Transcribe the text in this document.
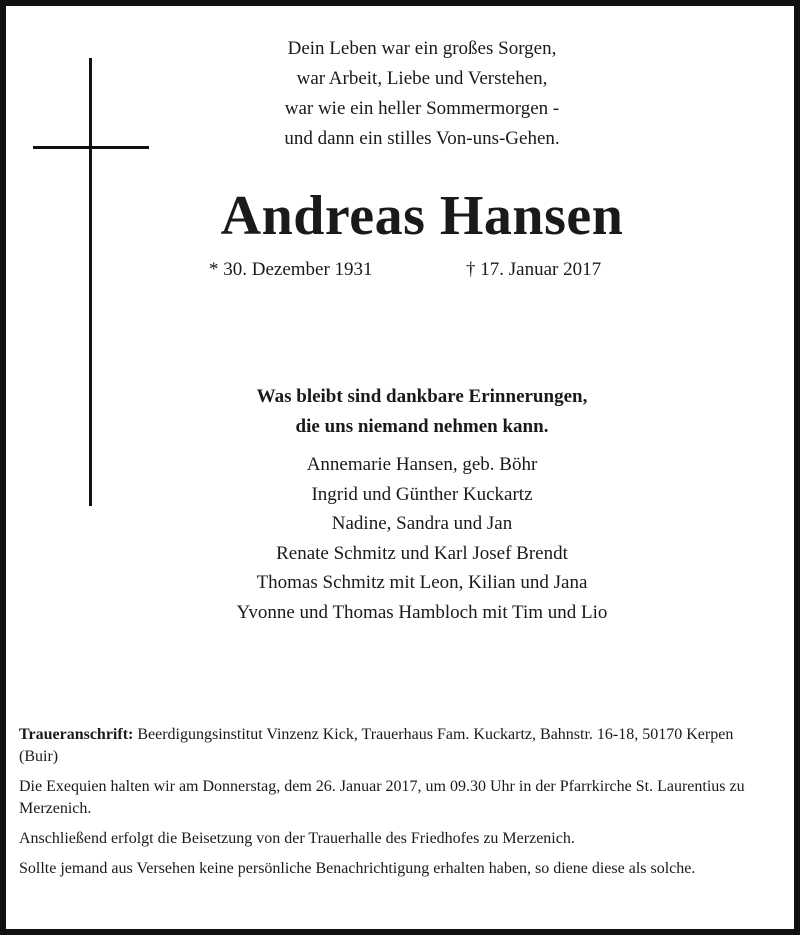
Dein Leben war ein großes Sorgen,
war Arbeit, Liebe und Verstehen,
war wie ein heller Sommermorgen -
und dann ein stilles Von-uns-Gehen.
Andreas Hansen
* 30. Dezember 1931	† 17. Januar 2017
Was bleibt sind dankbare Erinnerungen,
die uns niemand nehmen kann.
Annemarie Hansen, geb. Böhr
Ingrid und Günther Kuckartz
Nadine, Sandra und Jan
Renate Schmitz und Karl Josef Brendt
Thomas Schmitz mit Leon, Kilian und Jana
Yvonne und Thomas Hambloch mit Tim und Lio

Traueranschrift: Beerdigungsinstitut Vinzenz Kick, Trauerhaus Fam. Kuckartz, Bahnstr. 16-18, 50170 Kerpen (Buir)

Die Exequien halten wir am Donnerstag, dem 26. Januar 2017, um 09.30 Uhr in der Pfarrkirche St. Laurentius zu Merzenich.

Anschließend erfolgt die Beisetzung von der Trauerhalle des Friedhofes zu Merzenich.

Sollte jemand aus Versehen keine persönliche Benachrichtigung erhalten haben, so diene diese als solche.
